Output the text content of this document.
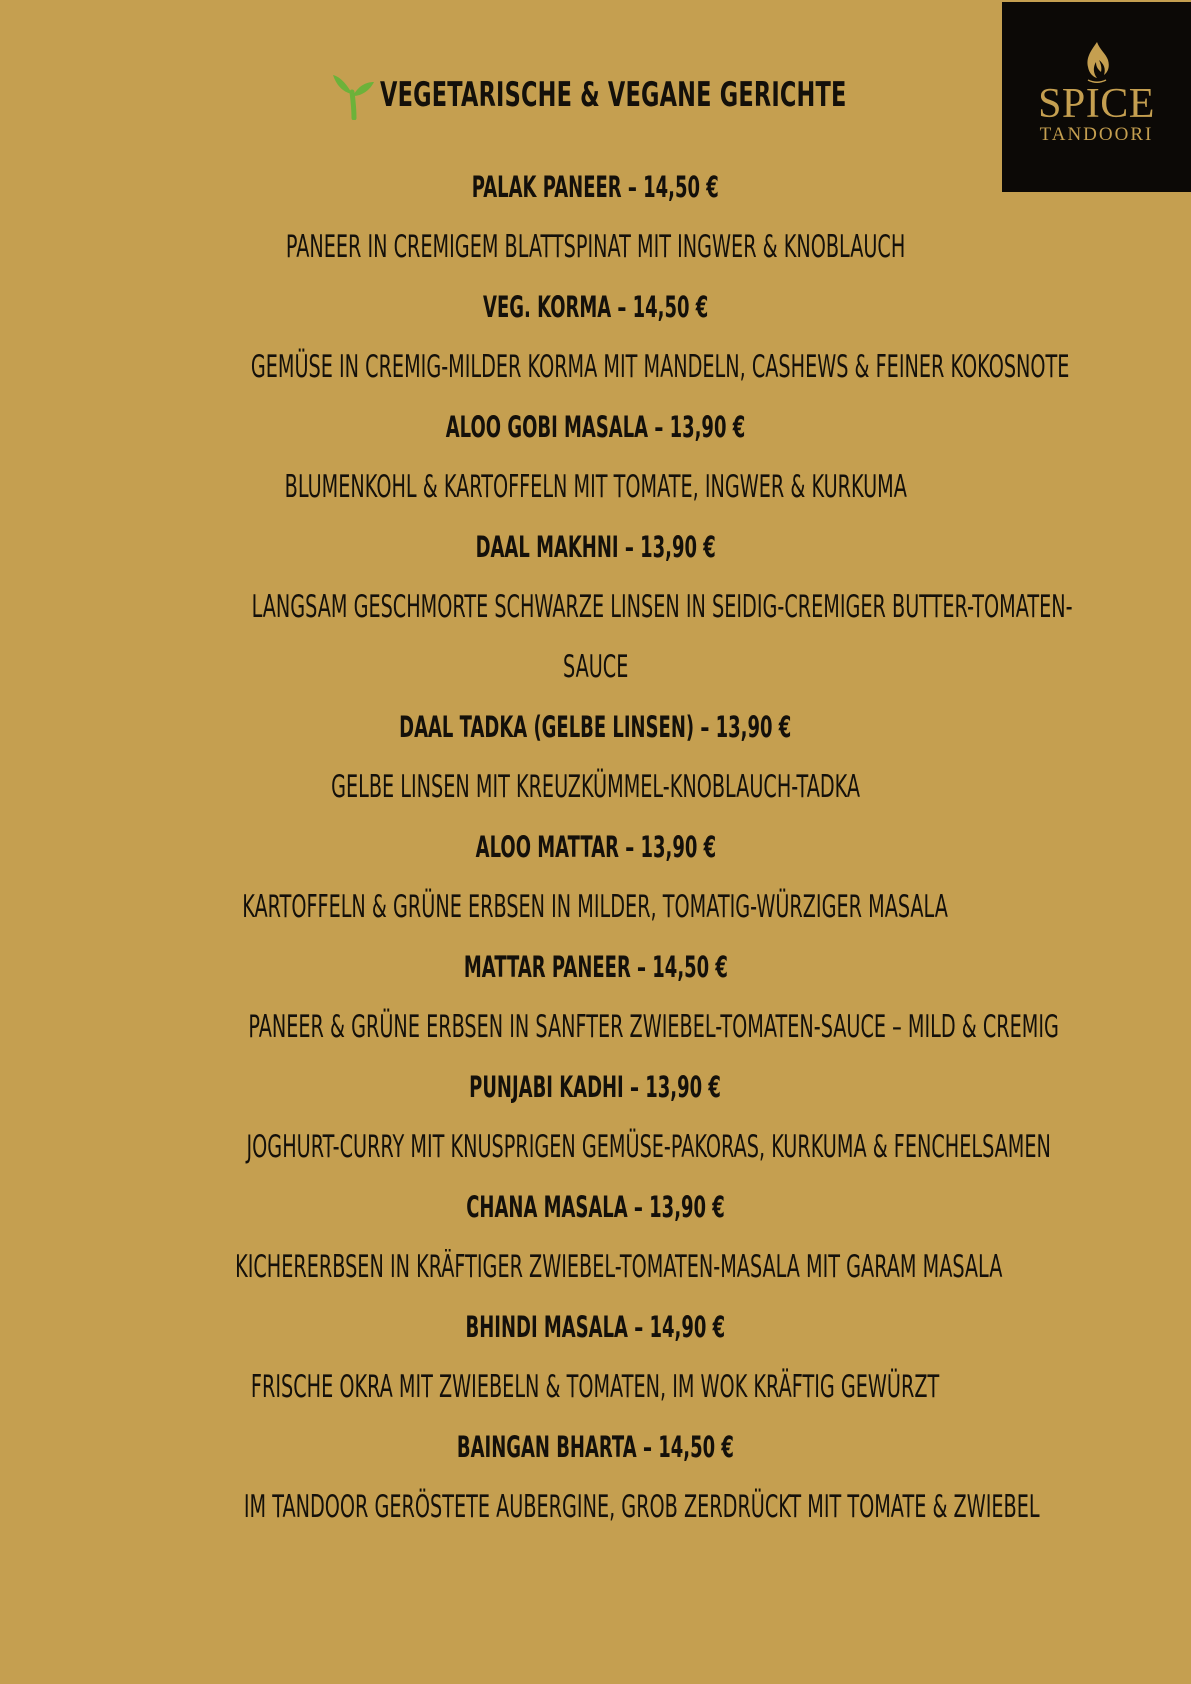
SPICE
TANDOORI
VEGETARISCHE & VEGANE GERICHTE
PALAK PANEER – 14,50 €
PANEER IN CREMIGEM BLATTSPINAT MIT INGWER & KNOBLAUCH
VEG. KORMA – 14,50 €
GEMÜSE IN CREMIG-MILDER KORMA MIT MANDELN, CASHEWS & FEINER KOKOSNOTE
ALOO GOBI MASALA – 13,90 €
BLUMENKOHL & KARTOFFELN MIT TOMATE, INGWER & KURKUMA
DAAL MAKHNI – 13,90 €
LANGSAM GESCHMORTE SCHWARZE LINSEN IN SEIDIG-CREMIGER BUTTER-TOMATEN-
SAUCE
DAAL TADKA (GELBE LINSEN) – 13,90 €
GELBE LINSEN MIT KREUZKÜMMEL-KNOBLAUCH-TADKA
ALOO MATTAR – 13,90 €
KARTOFFELN & GRÜNE ERBSEN IN MILDER, TOMATIG-WÜRZIGER MASALA
MATTAR PANEER – 14,50 €
PANEER & GRÜNE ERBSEN IN SANFTER ZWIEBEL-TOMATEN-SAUCE – MILD & CREMIG
PUNJABI KADHI – 13,90 €
JOGHURT-CURRY MIT KNUSPRIGEN GEMÜSE-PAKORAS, KURKUMA & FENCHELSAMEN
CHANA MASALA – 13,90 €
KICHERERBSEN IN KRÄFTIGER ZWIEBEL-TOMATEN-MASALA MIT GARAM MASALA
BHINDI MASALA – 14,90 €
FRISCHE OKRA MIT ZWIEBELN & TOMATEN, IM WOK KRÄFTIG GEWÜRZT
BAINGAN BHARTA – 14,50 €
IM TANDOOR GERÖSTETE AUBERGINE, GROB ZERDRÜCKT MIT TOMATE & ZWIEBEL
